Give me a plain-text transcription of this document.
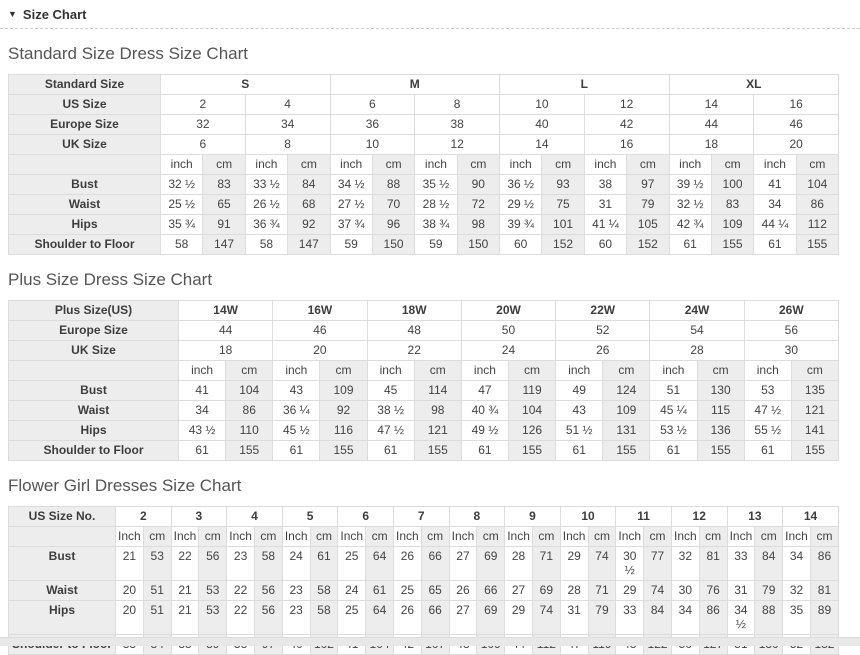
▼ Size Chart
Standard Size Dress Size Chart
Standard Size	S				M				L				XL			
US Size	2		4		6		8		10		12		14		16	
Europe Size	32		34		36		38		40		42		44		46	
UK Size	6		8		10		12		14		16		18		20	
	inch	cm	inch	cm	inch	cm	inch	cm	inch	cm	inch	cm	inch	cm	inch	cm
Bust	32 ½	83	33 ½	84	34 ½	88	35 ½	90	36 ½	93	38	97	39 ½	100	41	104
Waist	25 ½	65	26 ½	68	27 ½	70	28 ½	72	29 ½	75	31	79	32 ½	83	34	86
Hips	35 ¾	91	36 ¾	92	37 ¾	96	38 ¾	98	39 ¾	101	41 ¼	105	42 ¾	109	44 ¼	112
Shoulder to Floor	58	147	58	147	59	150	59	150	60	152	60	152	61	155	61	155
Plus Size Dress Size Chart
Plus Size(US)	14W		16W		18W		20W		22W		24W		26W	
Europe Size	44		46		48		50		52		54		56	
UK Size	18		20		22		24		26		28		30	
	inch	cm	inch	cm	inch	cm	inch	cm	inch	cm	inch	cm	inch	cm
Bust	41	104	43	109	45	114	47	119	49	124	51	130	53	135
Waist	34	86	36 ¼	92	38 ½	98	40 ¾	104	43	109	45 ¼	115	47 ½	121
Hips	43 ½	110	45 ½	116	47 ½	121	49 ½	126	51 ½	131	53 ½	136	55 ½	141
Shoulder to Floor	61	155	61	155	61	155	61	155	61	155	61	155	61	155
Flower Girl Dresses Size Chart
US Size No.	2		3		4		5		6		7		8		9		10		11		12		13		14	
	Inch	cm	Inch	cm	Inch	cm	Inch	cm	Inch	cm	Inch	cm	Inch	cm	Inch	cm	Inch	cm	Inch	cm	Inch	cm	Inch	cm	Inch	cm
Bust	21	53	22	56	23	58	24	61	25	64	26	66	27	69	28	71	29	74	30 ½	77	32	81	33	84	34	86
Waist	20	51	21	53	22	56	23	58	24	61	25	65	26	66	27	69	28	71	29	74	30	76	31	79	32	81
Hips	20	51	21	53	22	56	23	58	25	64	26	66	27	69	29	74	31	79	33	84	34	86	34 ½	88	35	89
